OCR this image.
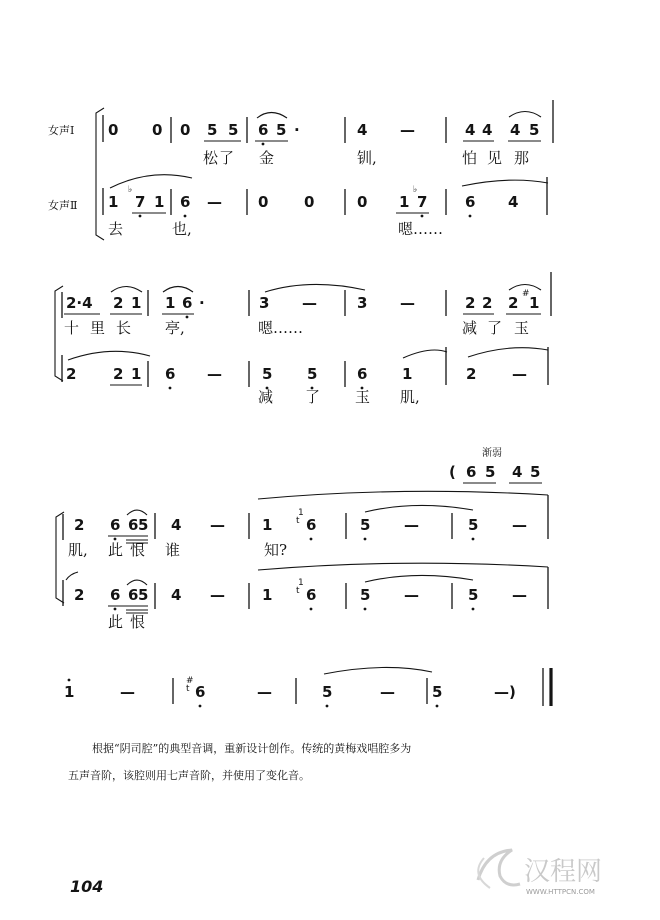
女声Ⅰ
女声Ⅱ
0 0 0 5 5 6 5 ·	4 —	4 4 4 5
松 了 金	钏,	怕 见 那
♭
1 7 1 6 — 0 0	0
♭
1 7	6 4
去	也,	嗯……
2·4 2 1 1 6 ·	3 —	3 —	2 2 2 # 1
十 里 长 亭,	嗯……	减 了 玉
2 2 1 6 —	5 5	6 1	2 —
减 了 玉 肌,
渐弱
( 6 5 4 5
2 6 6 5 4 — 1
1
t 6	5 —	5 —
肌, 此 恨 谁	知?
2 6 6 5 4 — 1
1
t 6	5 —	5 —
此 恨
1	—
#
t 6	—	5	— 5	—)
根据“阴司腔”的典型音调，重新设计创作。传统的黄梅戏唱腔多为
五声音阶，该腔则用七声音阶，并使用了变化音。
104	汉程网
WWW.HTTPCN.COM
